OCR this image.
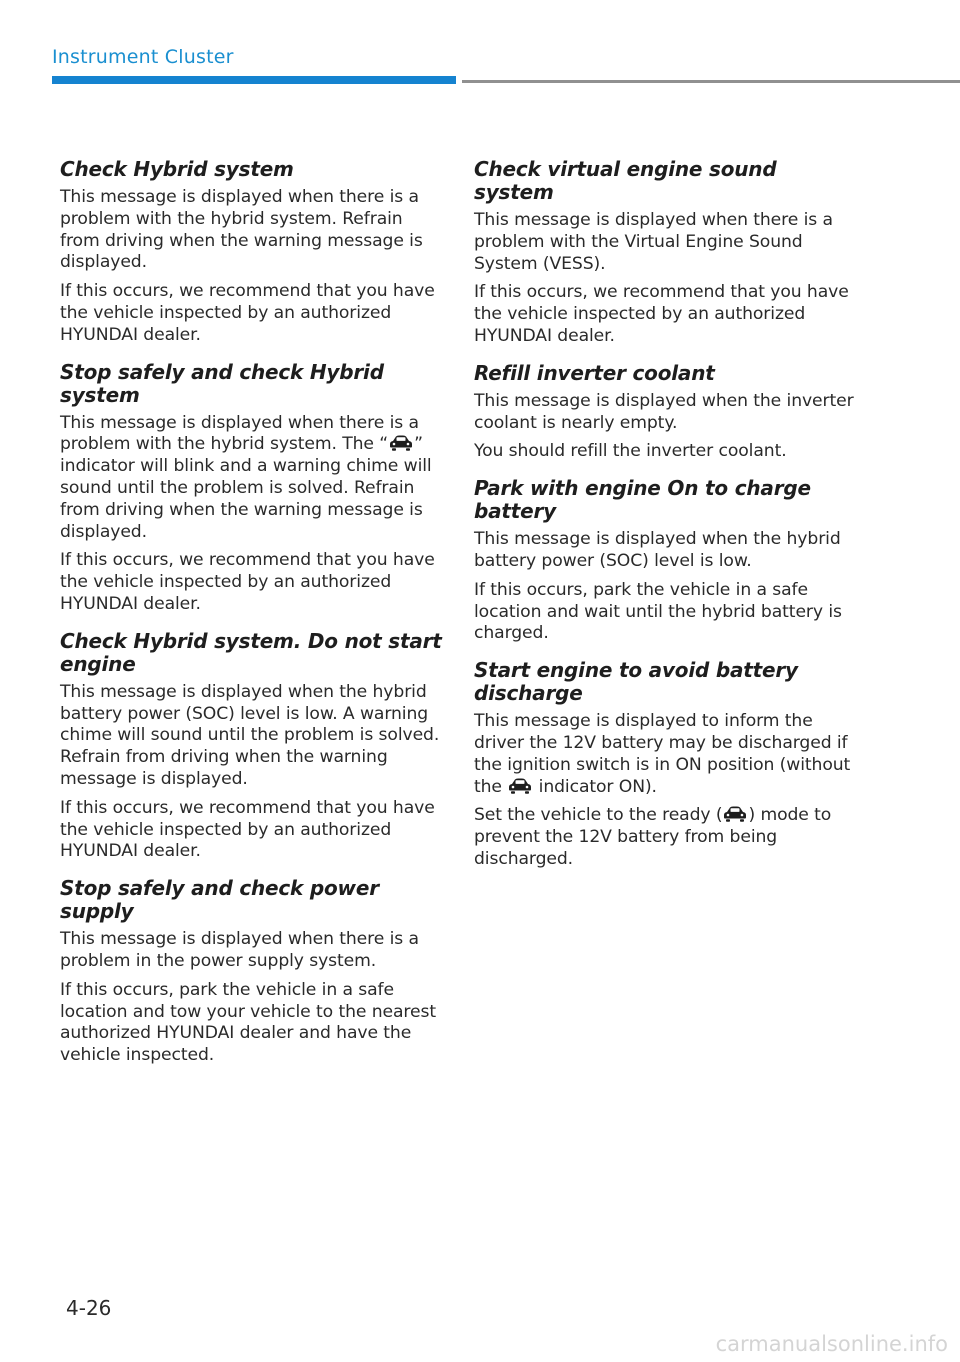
Instrument Cluster
Check Hybrid system

This message is displayed when there is a problem with the hybrid system. Refrain from driving when the warning message is displayed.

If this occurs, we recommend that you have the vehicle inspected by an authorized HYUNDAI dealer.

Stop safely and check Hybrid system

This message is displayed when there is a problem with the hybrid system. The “ ” indicator will blink and a warning chime will sound until the problem is solved. Refrain from driving when the warning message is displayed.

If this occurs, we recommend that you have the vehicle inspected by an authorized HYUNDAI dealer.

Check Hybrid system. Do not start engine

This message is displayed when the hybrid battery power (SOC) level is low. A warning chime will sound until the problem is solved. Refrain from driving when the warning message is displayed.

If this occurs, we recommend that you have the vehicle inspected by an authorized HYUNDAI dealer.

Stop safely and check power supply

This message is displayed when there is a problem in the power supply system.

If this occurs, park the vehicle in a safe location and tow your vehicle to the nearest authorized HYUNDAI dealer and have the vehicle inspected.

Check virtual engine sound system

This message is displayed when there is a problem with the Virtual Engine Sound System (VESS).

If this occurs, we recommend that you have the vehicle inspected by an authorized HYUNDAI dealer.

Refill inverter coolant

This message is displayed when the inverter coolant is nearly empty.

You should refill the inverter coolant.

Park with engine On to charge battery

This message is displayed when the hybrid battery power (SOC) level is low.

If this occurs, park the vehicle in a safe location and wait until the hybrid battery is charged.

Start engine to avoid battery discharge

This message is displayed to inform the driver the 12V battery may be discharged if the ignition switch is in ON position (without the  indicator ON).

Set the vehicle to the ready ( ) mode to prevent the 12V battery from being discharged.

4-26
carmanualsonline.info
